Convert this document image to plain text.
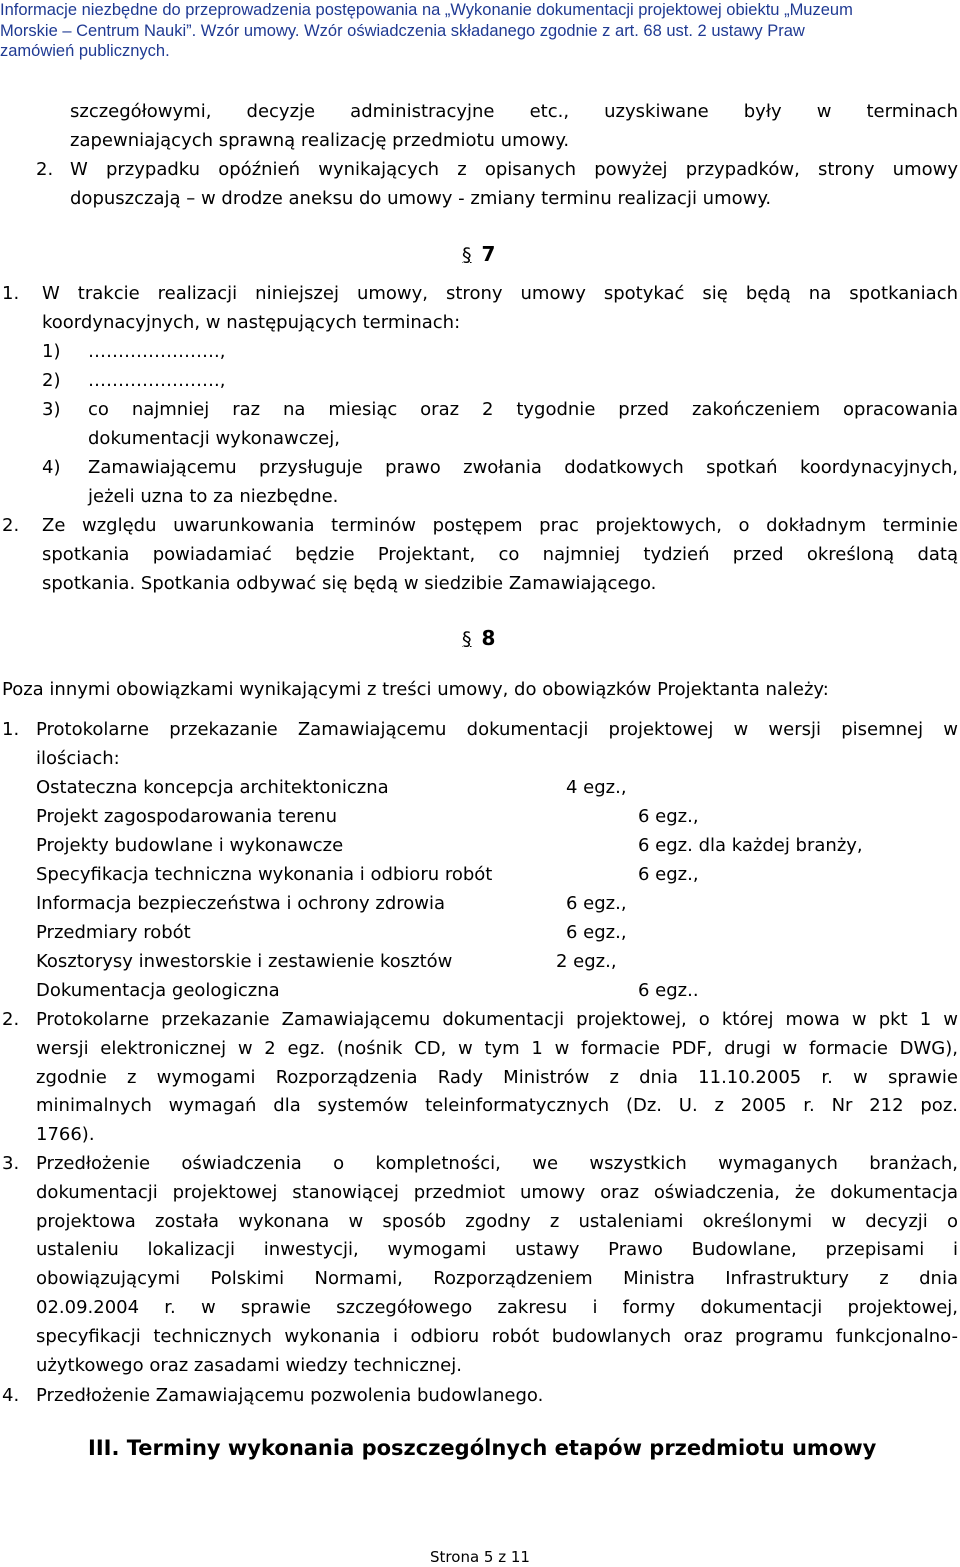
Informacje niezbędne do przeprowadzenia postępowania na „Wykonanie dokumentacji projektowej obiektu „Muzeum
Morskie – Centrum Nauki”. Wzór umowy. Wzór oświadczenia składanego zgodnie z art. 68 ust. 2 ustawy Praw
zamówień publicznych.
szczegółowymi, decyzje administracyjne etc., uzyskiwane były w terminach
zapewniających sprawną realizację przedmiotu umowy.
2. W przypadku opóźnień wynikających z opisanych powyżej przypadków, strony umowy
dopuszczają – w drodze aneksu do umowy - zmiany terminu realizacji umowy.
§ 7
1. W trakcie realizacji niniejszej umowy, strony umowy spotykać się będą na spotkaniach
koordynacyjnych, w następujących terminach:
1) ………………….,
2) ………………….,
3) co najmniej raz na miesiąc oraz 2 tygodnie przed zakończeniem opracowania
dokumentacji wykonawczej,
4) Zamawiającemu przysługuje prawo zwołania dodatkowych spotkań koordynacyjnych,
jeżeli uzna to za niezbędne.
2. Ze względu uwarunkowania terminów postępem prac projektowych, o dokładnym terminie
spotkania powiadamiać będzie Projektant, co najmniej tydzień przed określoną datą
spotkania. Spotkania odbywać się będą w siedzibie Zamawiającego.
§ 8
Poza innymi obowiązkami wynikającymi z treści umowy, do obowiązków Projektanta należy:
1. Protokolarne przekazanie Zamawiającemu dokumentacji projektowej w wersji pisemnej w
ilościach:
Ostateczna koncepcja architektoniczna	4 egz.,
Projekt zagospodarowania terenu	6 egz.,
Projekty budowlane i wykonawcze	6 egz. dla każdej branży,
Specyfikacja techniczna wykonania i odbioru robót	6 egz.,
Informacja bezpieczeństwa i ochrony zdrowia	6 egz.,
Przedmiary robót	6 egz.,
Kosztorysy inwestorskie i zestawienie kosztów	2 egz.,
Dokumentacja geologiczna	6 egz..
2. Protokolarne przekazanie Zamawiającemu dokumentacji projektowej, o której mowa w pkt 1 w
wersji elektronicznej w 2 egz. (nośnik CD, w tym 1 w formacie PDF, drugi w formacie DWG),
zgodnie z wymogami Rozporządzenia Rady Ministrów z dnia 11.10.2005 r. w sprawie
minimalnych wymagań dla systemów teleinformatycznych (Dz. U. z 2005 r. Nr 212 poz.
1766).
3. Przedłożenie oświadczenia o kompletności, we wszystkich wymaganych branżach,
dokumentacji projektowej stanowiącej przedmiot umowy oraz oświadczenia, że dokumentacja
projektowa została wykonana w sposób zgodny z ustaleniami określonymi w decyzji o
ustaleniu lokalizacji inwestycji, wymogami ustawy Prawo Budowlane, przepisami i
obowiązującymi Polskimi Normami, Rozporządzeniem Ministra Infrastruktury z dnia
02.09.2004 r. w sprawie szczegółowego zakresu i formy dokumentacji projektowej,
specyfikacji technicznych wykonania i odbioru robót budowlanych oraz programu funkcjonalno-
użytkowego oraz zasadami wiedzy technicznej.
4. Przedłożenie Zamawiającemu pozwolenia budowlanego.
III. Terminy wykonania poszczególnych etapów przedmiotu umowy
Strona 5 z 11
